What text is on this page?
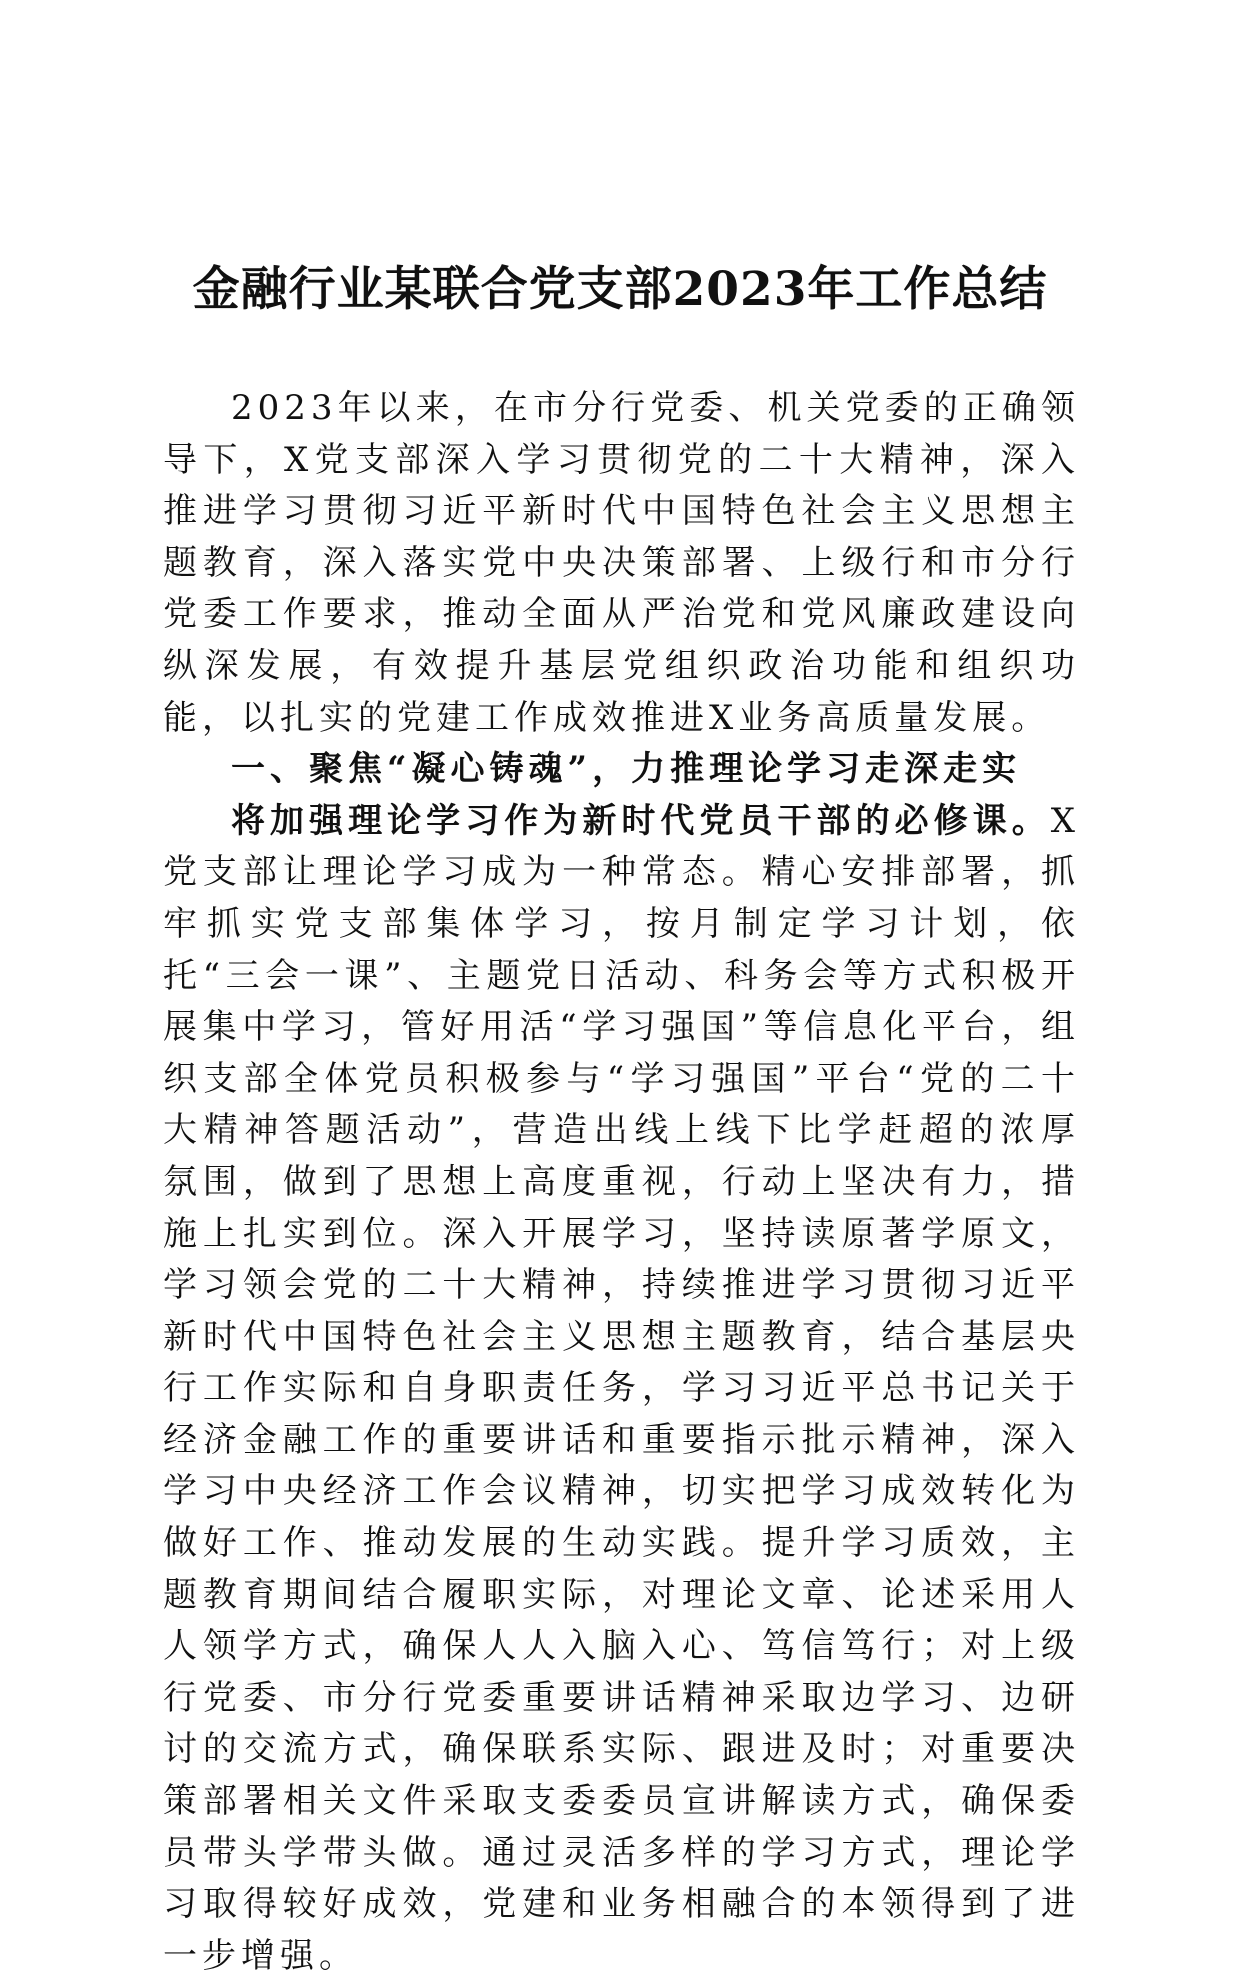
金融行业某联合党支部2023年工作总结

2023年以来，在市分行党委、机关党委的正确领导下，X党支部深入学习贯彻党的二十大精神，深入推进学习贯彻习近平新时代中国特色社会主义思想主题教育，深入落实党中央决策部署、上级行和市分行党委工作要求，推动全面从严治党和党风廉政建设向纵深发展，有效提升基层党组织政治功能和组织功能，以扎实的党建工作成效推进X业务高质量发展。

一、聚焦“凝心铸魂”，力推理论学习走深走实

将加强理论学习作为新时代党员干部的必修课。X党支部让理论学习成为一种常态。精心安排部署，抓牢抓实党支部集体学习，按月制定学习计划，依托“三会一课”、主题党日活动、科务会等方式积极开展集中学习，管好用活“学习强国”等信息化平台，组织支部全体党员积极参与“学习强国”平台“党的二十大精神答题活动”，营造出线上线下比学赶超的浓厚氛围，做到了思想上高度重视，行动上坚决有力，措施上扎实到位。深入开展学习，坚持读原著学原文，学习领会党的二十大精神，持续推进学习贯彻习近平新时代中国特色社会主义思想主题教育，结合基层央行工作实际和自身职责任务，学习习近平总书记关于经济金融工作的重要讲话和重要指示批示精神，深入学习中央经济工作会议精神，切实把学习成效转化为做好工作、推动发展的生动实践。提升学习质效，主题教育期间结合履职实际，对理论文章、论述采用人人领学方式，确保人人入脑入心、笃信笃行；对上级行党委、市分行党委重要讲话精神采取边学习、边研讨的交流方式，确保联系实际、跟进及时；对重要决策部署相关文件采取支委委员宣讲解读方式，确保委员带头学带头做。通过灵活多样的学习方式，理论学习取得较好成效，党建和业务相融合的本领得到了进一步增强。
